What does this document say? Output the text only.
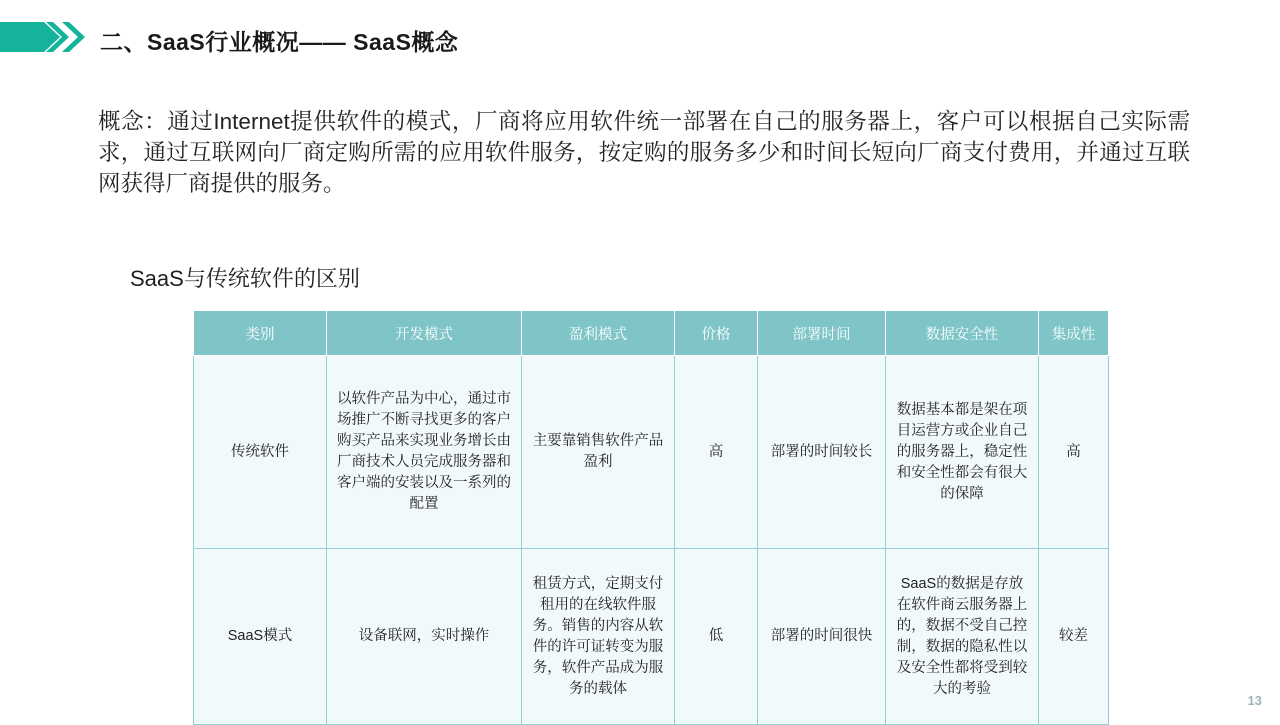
二、SaaS行业概况—— SaaS概念
概念：通过Internet提供软件的模式，厂商将应用软件统一部署在自己的服务器上，客户可以根据自己实际需求，通过互联网向厂商定购所需的应用软件服务，按定购的服务多少和时间长短向厂商支付费用，并通过互联网获得厂商提供的服务。
SaaS与传统软件的区别
类别	开发模式	盈利模式	价格	部署时间	数据安全性	集成性
传统软件	以软件产品为中心，通过市场推广不断寻找更多的客户购买产品来实现业务增长由厂商技术人员完成服务器和客户端的安装以及一系列的配置	主要靠销售软件产品盈利	高	部署的时间较长	数据基本都是架在项目运营方或企业自己的服务器上，稳定性和安全性都会有很大的保障	高
SaaS模式	设备联网，实时操作	租赁方式，定期支付租用的在线软件服务。销售的内容从软件的许可证转变为服务，软件产品成为服务的载体	低	部署的时间很快	SaaS的数据是存放在软件商云服务器上的，数据不受自己控制，数据的隐私性以及安全性都将受到较大的考验	较差
13
